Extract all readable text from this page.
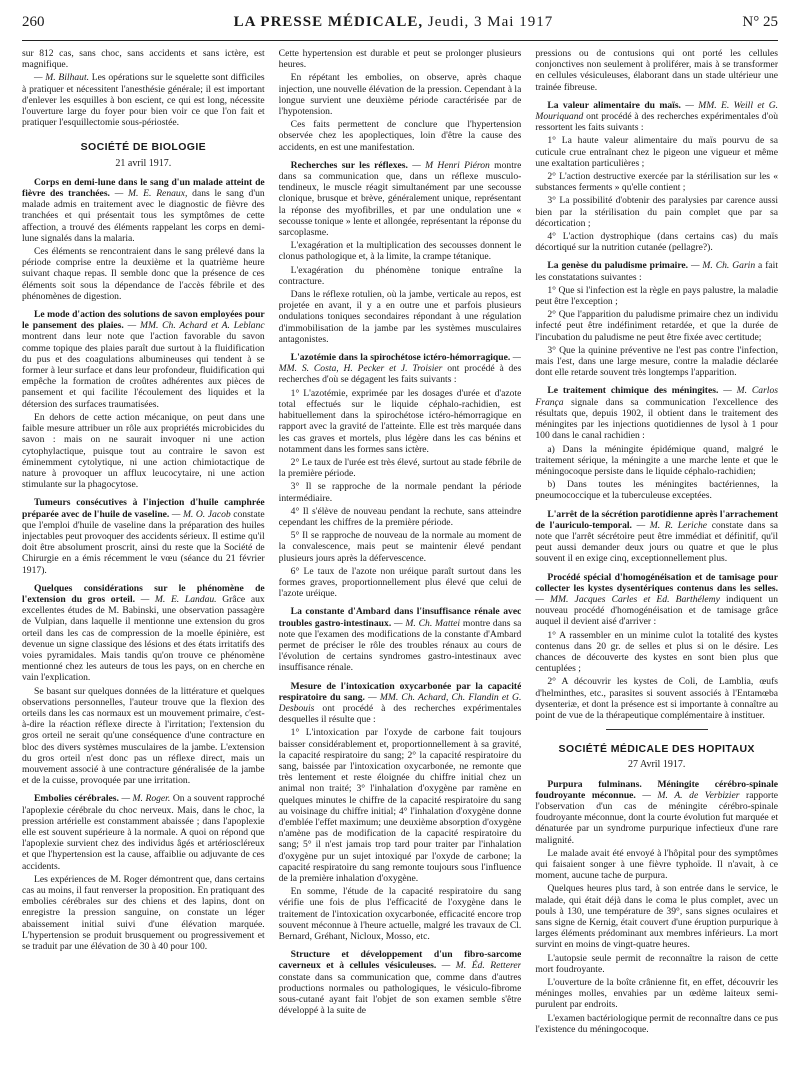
260	LA PRESSE MÉDICALE, Jeudi, 3 Mai 1917	N° 25

sur 812 cas, sans choc, sans accidents et sans ictère, est magnifique.

— M. Bilhaut. Les opérations sur le squelette sont difficiles à pratiquer et nécessitent l'anesthésie générale; il est important d'enlever les esquilles à bon escient, ce qui est long, nécessite l'ouverture large du foyer pour bien voir ce que l'on fait et pratiquer l'esquillectomie sous-périostée.

SOCIÉTÉ DE BIOLOGIE
21 avril 1917.

Corps en demi-lune dans le sang d'un malade atteint de fièvre des tranchées. — M. E. Renaux, dans le sang d'un malade admis en traitement avec le diagnostic de fièvre des tranchées et qui présentait tous les symptômes de cette affection, a trouvé des éléments rappelant les corps en demi-lune signalés dans la malaria.

Ces éléments se rencontraient dans le sang prélevé dans la période comprise entre la deuxième et la quatrième heure suivant chaque repas. Il semble donc que la présence de ces éléments soit sous la dépendance de l'accès fébrile et des phénomènes de digestion.

Le mode d'action des solutions de savon employées pour le pansement des plaies. — MM. Ch. Achard et A. Leblanc montrent dans leur note que l'action favorable du savon comme topique des plaies paraît due surtout à la fluidification du pus et des coagulations albumineuses qui tendent à se former à leur surface et dans leur profondeur, fluidification qui empêche la formation de croûtes adhérentes aux pièces de pansement et qui facilite l'écoulement des liquides et la détersion des surfaces traumatisées.

En dehors de cette action mécanique, on peut dans une faible mesure attribuer un rôle aux propriétés microbicides du savon : mais on ne saurait invoquer ni une action cytophylactique, puisque tout au contraire le savon est éminemment cytolytique, ni une action chimiotactique de nature à provoquer un afflux leucocytaire, ni une action stimulante sur la phagocytose.

Tumeurs consécutives à l'injection d'huile camphrée préparée avec de l'huile de vaseline. — M. O. Jacob constate que l'emploi d'huile de vaseline dans la préparation des huiles injectables peut provoquer des accidents sérieux. Il estime qu'il doit être absolument proscrit, ainsi du reste que la Société de Chirurgie en a émis récemment le vœu (séance du 21 février 1917).

Quelques considérations sur le phénomène de l'extension du gros orteil. — M. E. Landau. Grâce aux excellentes études de M. Babinski, une observation passagère de Vulpian, dans laquelle il mentionne une extension du gros orteil dans les cas de compression de la moelle épinière, est devenue un signe classique des lésions et des états irritatifs des voies pyramidales. Mais tandis qu'on trouve ce phénomène mentionné chez les auteurs de tous les pays, on en cherche en vain l'explication.

Se basant sur quelques données de la littérature et quelques observations personnelles, l'auteur trouve que la flexion des orteils dans les cas normaux est un mouvement primaire, c'est-à-dire la réaction réflexe directe à l'irritation; l'extension du gros orteil ne serait qu'une conséquence d'une contracture en bloc des divers systèmes musculaires de la jambe. L'extension du gros orteil n'est donc pas un réflexe direct, mais un mouvement associé à une contracture généralisée de la jambe et de la cuisse, provoquée par une irritation.

Embolies cérébrales. — M. Roger. On a souvent rapproché l'apoplexie cérébrale du choc nerveux. Mais, dans le choc, la pression artérielle est constamment abaissée ; dans l'apoplexie elle est souvent supérieure à la normale. A quoi on répond que l'apoplexie survient chez des individus âgés et artérioscléreux et que l'hypertension est la cause, affaiblie ou adjuvante de ces accidents.

Les expériences de M. Roger démontrent que, dans certains cas au moins, il faut renverser la proposition. En pratiquant des embolies cérébrales sur des chiens et des lapins, dont on enregistre la pression sanguine, on constate un léger abaissement initial suivi d'une élévation marquée. L'hypertension se produit brusquement ou progressivement et se traduit par une élévation de 30 à 40 pour 100.

Cette hypertension est durable et peut se prolonger plusieurs heures.

En répétant les embolies, on observe, après chaque injection, une nouvelle élévation de la pression. Cependant à la longue survient une deuxième période caractérisée par de l'hypotension.

Ces faits permettent de conclure que l'hypertension observée chez les apoplectiques, loin d'être la cause des accidents, en est une manifestation.

Recherches sur les réflexes. — M Henri Piéron montre dans sa communication que, dans un réflexe musculo-tendineux, le muscle réagit simultanément par une secousse clonique, brusque et brève, généralement unique, représentant la réponse des myofibrilles, et par une ondulation une « secousse tonique » lente et allongée, représentant la réponse du sarcoplasme.

L'exagération et la multiplication des secousses donnent le clonus pathologique et, à la limite, la crampe tétanique.

L'exagération du phénomène tonique entraîne la contracture.

Dans le réflexe rotulien, où la jambe, verticale au repos, est projetée en avant, il y a en outre une et parfois plusieurs ondulations toniques secondaires répondant à une régulation d'immobilisation de la jambe par les systèmes musculaires antagonistes.

L'azotémie dans la spirochétose ictéro-hémorragique. — MM. S. Costa, H. Pecker et J. Troisier ont procédé à des recherches d'où se dégagent les faits suivants :

1° L'azotémie, exprimée par les dosages d'urée et d'azote total effectués sur le liquide céphalo-rachidien, est habituellement dans la spirochétose ictéro-hémorragique en rapport avec la gravité de l'atteinte. Elle est très marquée dans les cas graves et mortels, plus légère dans les cas bénins et notamment dans les formes sans ictère.

2° Le taux de l'urée est très élevé, surtout au stade fébrile de la première période.

3° Il se rapproche de la normale pendant la période intermédiaire.

4° Il s'élève de nouveau pendant la rechute, sans atteindre cependant les chiffres de la première période.

5° Il se rapproche de nouveau de la normale au moment de la convalescence, mais peut se maintenir élevé pendant plusieurs jours après la défervescence.

6° Le taux de l'azote non uréique paraît surtout dans les formes graves, proportionnellement plus élevé que celui de l'azote uréique.

La constante d'Ambard dans l'insuffisance rénale avec troubles gastro-intestinaux. — M. Ch. Mattei montre dans sa note que l'examen des modifications de la constante d'Ambard permet de préciser le rôle des troubles rénaux au cours de l'évolution de certains syndromes gastro-intestinaux avec insuffisance rénale.

Mesure de l'intoxication oxycarbonée par la capacité respiratoire du sang. — MM. Ch. Achard, Ch. Flandin et G. Desbouis ont procédé à des recherches expérimentales desquelles il résulte que :

1° L'intoxication par l'oxyde de carbone fait toujours baisser considérablement et, proportionnellement à sa gravité, la capacité respiratoire du sang; 2° la capacité respiratoire du sang, baissée par l'intoxication oxycarbonée, ne remonte que très lentement et reste éloignée du chiffre initial chez un animal non traité; 3° l'inhalation d'oxygène par ramène en quelques minutes le chiffre de la capacité respiratoire du sang au voisinage du chiffre initial; 4° l'inhalation d'oxygène donne d'emblée l'effet maximum; une deuxième absorption d'oxygène n'amène pas de modification de la capacité respiratoire du sang; 5° il n'est jamais trop tard pour traiter par l'inhalation d'oxygène pur un sujet intoxiqué par l'oxyde de carbone; la capacité respiratoire du sang remonte toujours sous l'influence de la première inhalation d'oxygène.

En somme, l'étude de la capacité respiratoire du sang vérifie une fois de plus l'efficacité de l'oxygène dans le traitement de l'intoxication oxycarbonée, efficacité encore trop souvent méconnue à l'heure actuelle, malgré les travaux de Cl. Bernard, Gréhant, Nicloux, Mosso, etc.

Structure et développement d'un fibro-sarcome caverneux et à cellules vésiculeuses. — M. Éd. Retterer constate dans sa communication que, comme dans d'autres productions normales ou pathologiques, le vésiculo-fibrome sous-cutané ayant fait l'objet de son examen semble s'être développé à la suite de

pressions ou de contusions qui ont porté les cellules conjonctives non seulement à proliférer, mais à se transformer en cellules vésiculeuses, élaborant dans un stade ultérieur une trainée fibreuse.

La valeur alimentaire du maïs. — MM. E. Weill et G. Mouriquand ont procédé à des recherches expérimentales d'où ressortent les faits suivants :

1° La haute valeur alimentaire du maïs pourvu de sa cuticule crue entraînant chez le pigeon une vigueur et même une exaltation particulières ;

2° L'action destructive exercée par la stérilisation sur les « substances ferments » qu'elle contient ;

3° La possibilité d'obtenir des paralysies par carence aussi bien par la stérilisation du pain complet que par sa décortication ;

4° L'action dystrophique (dans certains cas) du maïs décortiqué sur la nutrition cutanée (pellagre?).

La genèse du paludisme primaire. — M. Ch. Garin a fait les constatations suivantes :

1° Que si l'infection est la règle en pays palustre, la maladie peut être l'exception ;

2° Que l'apparition du paludisme primaire chez un individu infecté peut être indéfiniment retardée, et que la durée de l'incubation du paludisme ne peut être fixée avec certitude;

3° Que la quinine préventive ne l'est pas contre l'infection, mais l'est, dans une large mesure, contre la maladie déclarée dont elle retarde souvent très longtemps l'apparition.

Le traitement chimique des méningites. — M. Carlos França signale dans sa communication l'excellence des résultats que, depuis 1902, il obtient dans le traitement des méningites par les injections quotidiennes de lysol à 1 pour 100 dans le canal rachidien :

a) Dans la méningite épidémique quand, malgré le traitement sérique, la méningite a une marche lente et que le méningocoque persiste dans le liquide céphalo-rachidien;

b) Dans toutes les méningites bactériennes, la pneumococcique et la tuberculeuse exceptées.

L'arrêt de la sécrétion parotidienne après l'arrachement de l'auriculo-temporal. — M. R. Leriche constate dans sa note que l'arrêt sécrétoire peut être immédiat et définitif, qu'il peut aussi demander deux jours ou quatre et que le plus souvent il en exige cinq, exceptionnellement plus.

Procédé spécial d'homogénéisation et de tamisage pour collecter les kystes dysentériques contenus dans les selles. — MM. Jacques Carles et Ed. Barthélemy indiquent un nouveau procédé d'homogénéisation et de tamisage grâce auquel il devient aisé d'arriver :

1° A rassembler en un minime culot la totalité des kystes contenus dans 20 gr. de selles et plus si on le désire. Les chances de découverte des kystes en sont bien plus que centuplées ;

2° A découvrir les kystes de Coli, de Lamblia, œufs d'helminthes, etc., parasites si souvent associés à l'Entamœba dysenteriæ, et dont la présence est si importante à connaître au point de vue de la thérapeutique complémentaire à instituer.

SOCIÉTÉ MÉDICALE DES HOPITAUX
27 Avril 1917.

Purpura fulminans. Méningite cérébro-spinale foudroyante méconnue. — M. A. de Verbizier rapporte l'observation d'un cas de méningite cérébro-spinale foudroyante méconnue, dont la courte évolution fut marquée et dénaturée par un syndrome purpurique infectieux d'une rare malignité.

Le malade avait été envoyé à l'hôpital pour des symptômes qui faisaient songer à une fièvre typhoïde. Il n'avait, à ce moment, aucune tache de purpura.

Quelques heures plus tard, à son entrée dans le service, le malade, qui était déjà dans le coma le plus complet, avec un pouls à 130, une température de 39°, sans signes oculaires et sans signe de Kernig, était couvert d'une éruption purpurique à larges éléments prédominant aux membres inférieurs. La mort survint en moins de vingt-quatre heures.

L'autopsie seule permit de reconnaître la raison de cette mort foudroyante.

L'ouverture de la boîte crânienne fit, en effet, découvrir les méninges molles, envahies par un œdème laiteux semi-purulent par endroits.

L'examen bactériologique permit de reconnaître dans ce pus l'existence du méningocoque.
